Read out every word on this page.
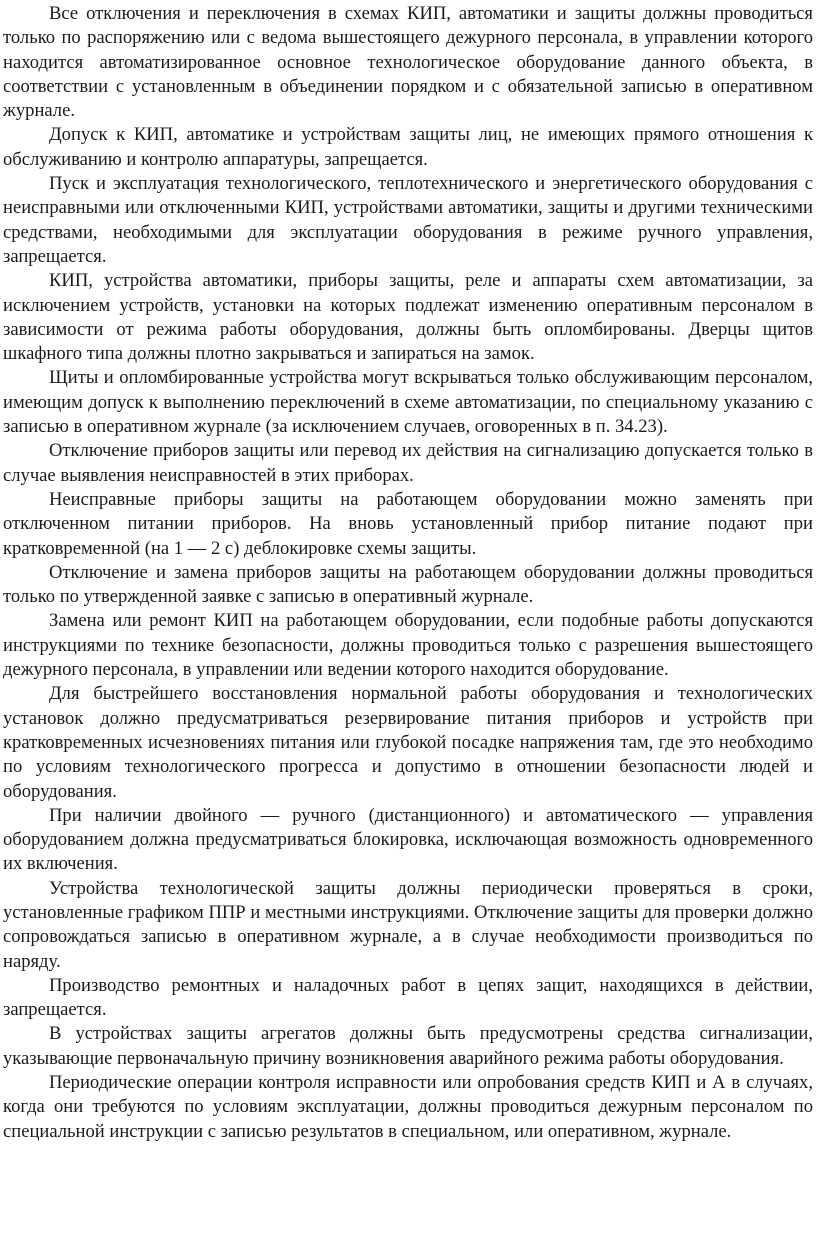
Все отключения и переключения в схемах КИП, автоматики и защиты должны проводиться только по распоряжению или с ведома вышестоящего дежурного персонала, в управлении которого находится автоматизированное основное технологическое оборудование данного объекта, в соответствии с установленным в объединении порядком и с обязательной записью в оперативном журнале.

Допуск к КИП, автоматике и устройствам защиты лиц, не имеющих прямого отношения к обслуживанию и контролю аппаратуры, запрещается.

Пуск и эксплуатация технологического, теплотехнического и энергетического оборудования с неисправными или отключенными КИП, устройствами автоматики, защиты и другими техническими средствами, необходимыми для эксплуатации оборудования в режиме ручного управления, запрещается.

КИП, устройства автоматики, приборы защиты, реле и аппараты схем автоматизации, за исключением устройств, установки на которых подлежат изменению оперативным персоналом в зависимости от режима работы оборудования, должны быть опломбированы. Дверцы щитов шкафного типа должны плотно закрываться и запираться на замок.

Щиты и опломбированные устройства могут вскрываться только обслуживающим персоналом, имеющим допуск к выполнению переключений в схеме автоматизации, по специальному указанию с записью в оперативном журнале (за исключением случаев, оговоренных в п. 34.23).

Отключение приборов защиты или перевод их действия на сигнализацию допускается только в случае выявления неисправностей в этих приборах.

Неисправные приборы защиты на работающем оборудовании можно заменять при отключенном питании приборов. На вновь установленный прибор питание подают при кратковременной (на 1 — 2 с) деблокировке схемы защиты.

Отключение и замена приборов защиты на работающем оборудовании должны проводиться только по утвержденной заявке с записью в оперативный журнале.

Замена или ремонт КИП на работающем оборудовании, если подобные работы допускаются инструкциями по технике безопасности, должны проводиться только с разрешения вышестоящего дежурного персонала, в управлении или ведении которого находится оборудование.

Для быстрейшего восстановления нормальной работы оборудования и технологических установок должно предусматриваться резервирование питания приборов и устройств при кратковременных исчезновениях питания или глубокой посадке напряжения там, где это необходимо по условиям технологического прогресса и допустимо в отношении безопасности людей и оборудования.

При наличии двойного — ручного (дистанционного) и автоматического — управления оборудованием должна предусматриваться блокировка, исключающая возможность одновременного их включения.

Устройства технологической защиты должны периодически проверяться в сроки, установленные графиком ППР и местными инструкциями. Отключение защиты для проверки должно сопровождаться записью в оперативном журнале, а в случае необходимости производиться по наряду.

Производство ремонтных и наладочных работ в цепях защит, находящихся в действии, запрещается.

В устройствах защиты агрегатов должны быть предусмотрены средства сигнализации, указывающие первоначальную причину возникновения аварийного режима работы оборудования.

Периодические операции контроля исправности или опробования средств КИП и А в случаях, когда они требуются по условиям эксплуатации, должны проводиться дежурным персоналом по специальной инструкции с записью результатов в специальном, или оперативном, журнале.
